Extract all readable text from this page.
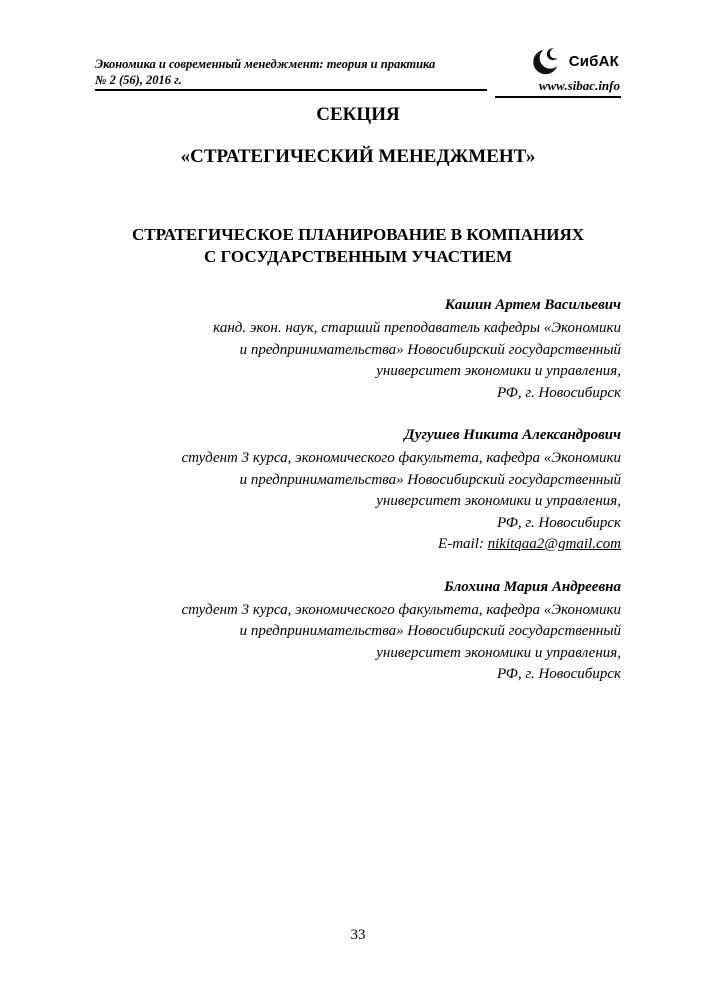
Экономика и современный менеджмент: теория и практика
№ 2 (56), 2016 г.
СибАК
www.sibac.info
СЕКЦИЯ
«СТРАТЕГИЧЕСКИЙ МЕНЕДЖМЕНТ»
СТРАТЕГИЧЕСКОЕ ПЛАНИРОВАНИЕ В КОМПАНИЯХ
С ГОСУДАРСТВЕННЫМ УЧАСТИЕМ
Кашин Артем Васильевич
канд. экон. наук, старший преподаватель кафедры «Экономики
и предпринимательства» Новосибирский государственный
университет экономики и управления,
РФ, г. Новосибирск
Дугушев Никита Александрович
студент 3 курса, экономического факультета, кафедра «Экономики
и предпринимательства» Новосибирский государственный
университет экономики и управления,
РФ, г. Новосибирск
E-mail: nikitqaa2@gmail.com
Блохина Мария Андреевна
студент 3 курса, экономического факультета, кафедра «Экономики
и предпринимательства» Новосибирский государственный
университет экономики и управления,
РФ, г. Новосибирск
33
